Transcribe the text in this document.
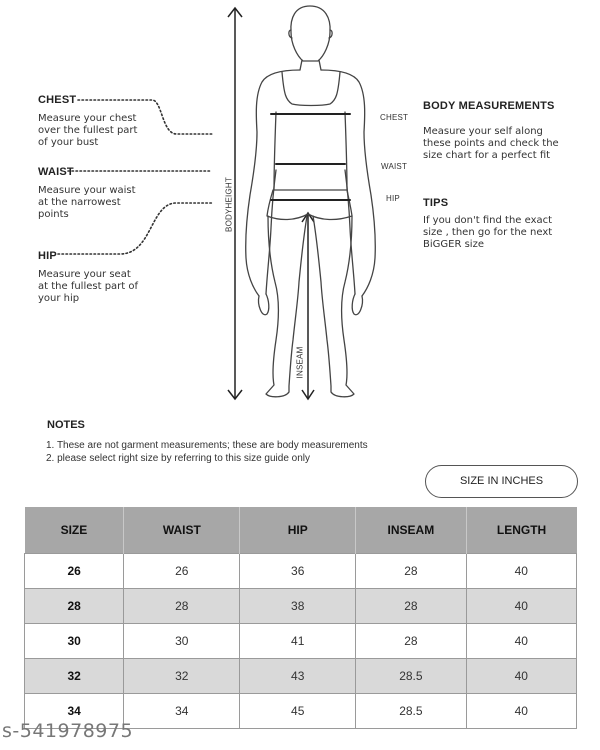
CHEST
Measure your chest
over the fullest part
of your bust
WAIST
Measure your waist
at the narrowest
points
HIP
Measure your seat
at the fullest part of
your hip
CHEST
WAIST
HIP
BODYHEIGHT
INSEAM
BODY MEASUREMENTS
Measure your self along
these points and check the
size chart for a perfect fit
TIPS
If you don't find the exact
size , then go for the next
BiGGER size
NOTES
1. These are not garment measurements; these are body measurements
2. please select right size by referring to this size guide only
SIZE IN INCHES
SIZE	WAIST	HIP	INSEAM	LENGTH
26	26	36	28	40
28	28	38	28	40
30	30	41	28	40
32	32	43	28.5	40
34	34	45	28.5	40
s-541978975
